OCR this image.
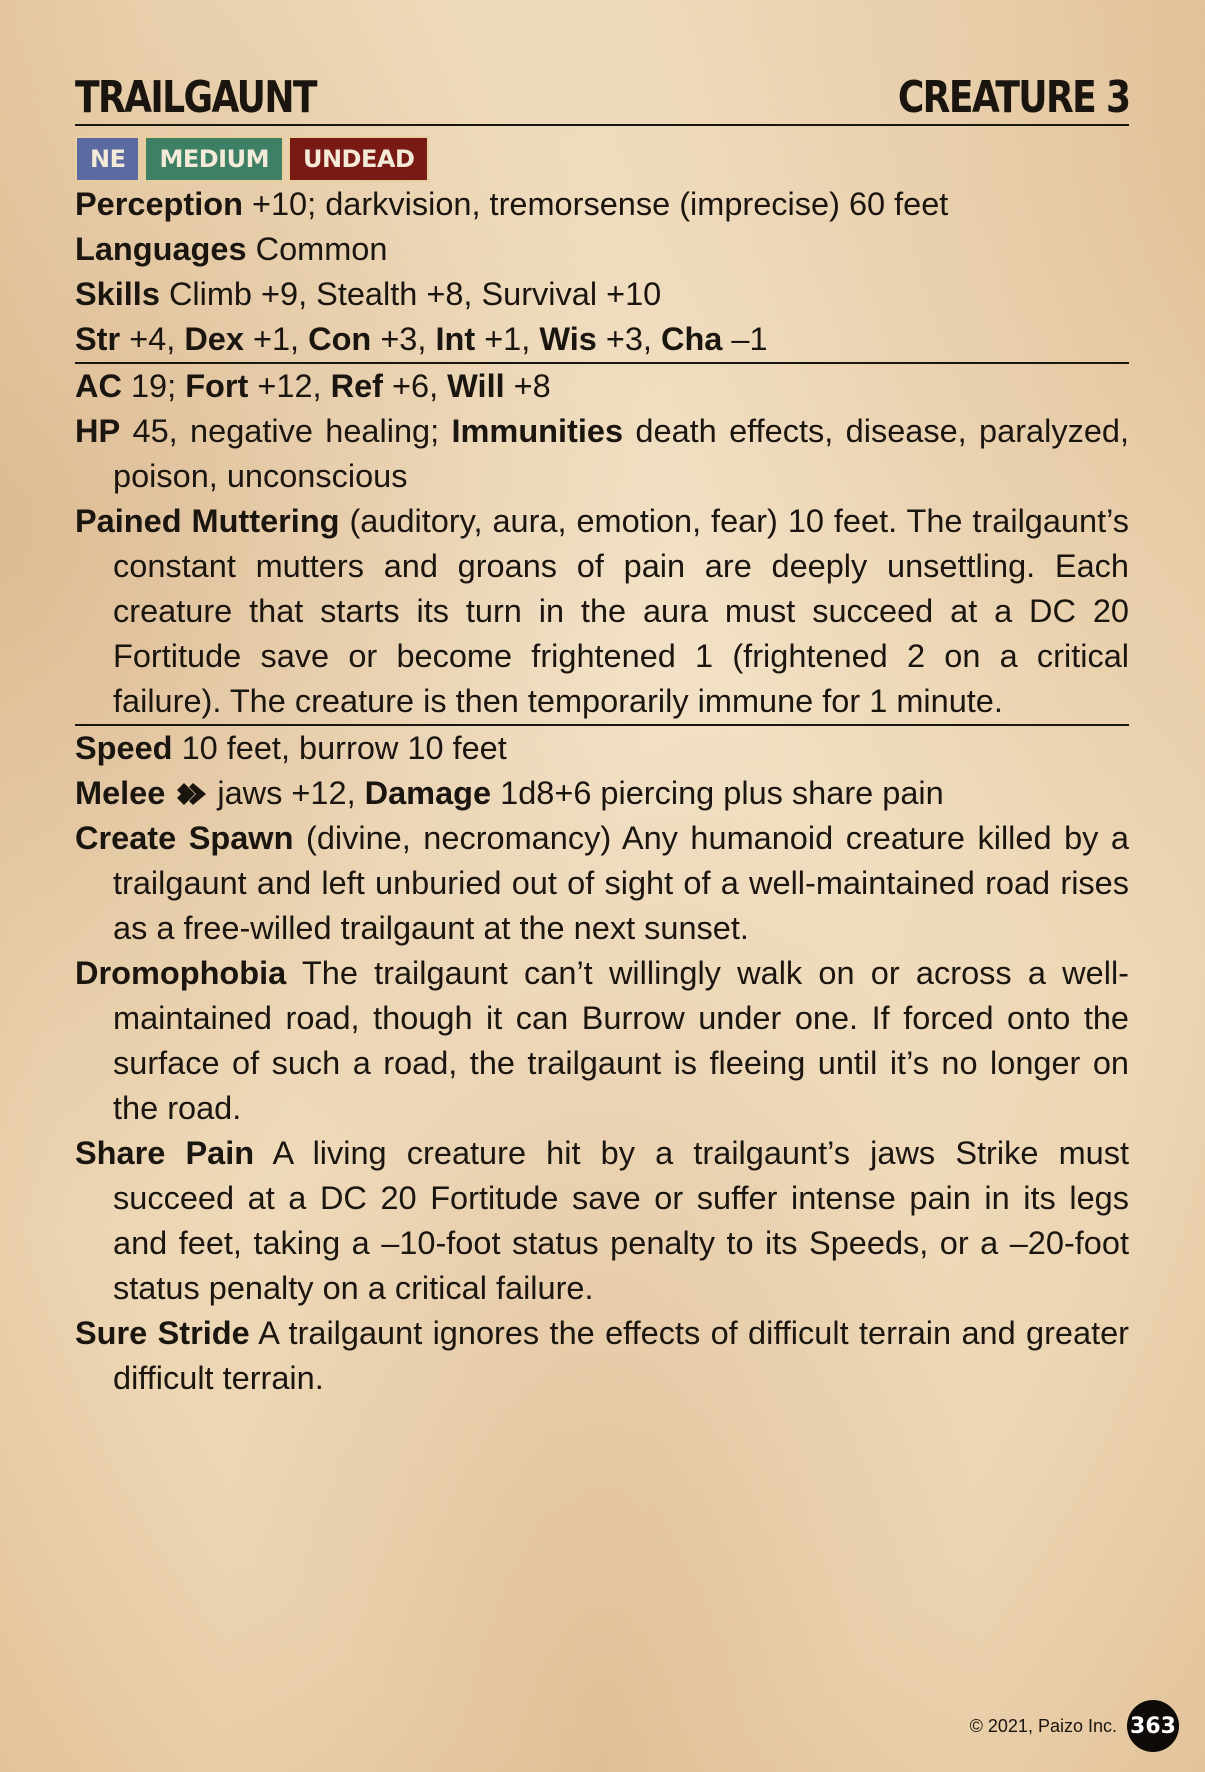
TRAILGAUNT	CREATURE 3
NE	MEDIUM	UNDEAD
Perception +10; darkvision, tremorsense (imprecise) 60 feet
Languages Common
Skills Climb +9, Stealth +8, Survival +10
Str +4, Dex +1, Con +3, Int +1, Wis +3, Cha –1
AC 19; Fort +12, Ref +6, Will +8
HP 45, negative healing; Immunities death effects, disease, paralyzed, poison, unconscious
Pained Muttering (auditory, aura, emotion, fear) 10 feet. The trailgaunt’s constant mutters and groans of pain are deeply unsettling. Each creature that starts its turn in the aura must succeed at a DC 20 Fortitude save or become frightened 1 (frightened 2 on a critical failure). The creature is then temporarily immune for 1 minute.
Speed 10 feet, burrow 10 feet
Melee jaws +12, Damage 1d8+6 piercing plus share pain
Create Spawn (divine, necromancy) Any humanoid creature killed by a trailgaunt and left unburied out of sight of a well-maintained road rises as a free-willed trailgaunt at the next sunset.
Dromophobia The trailgaunt can’t willingly walk on or across a well-maintained road, though it can Burrow under one. If forced onto the surface of such a road, the trailgaunt is fleeing until it’s no longer on the road.
Share Pain A living creature hit by a trailgaunt’s jaws Strike must succeed at a DC 20 Fortitude save or suffer intense pain in its legs and feet, taking a –10-foot status penalty to its Speeds, or a –20-foot status penalty on a critical failure.
Sure Stride A trailgaunt ignores the effects of difficult terrain and greater difficult terrain.
© 2021, Paizo Inc. 363
